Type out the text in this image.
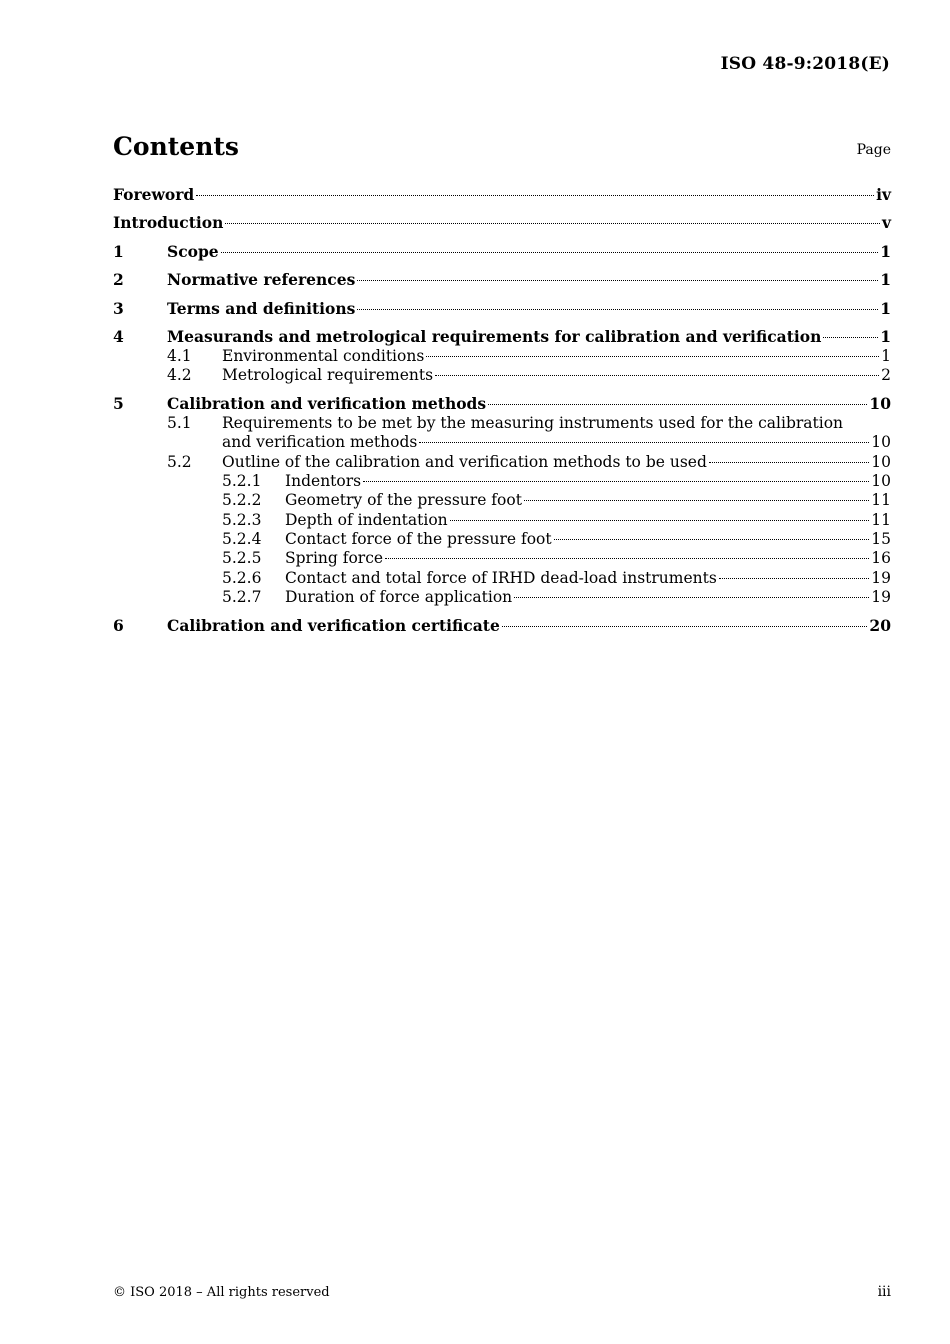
ISO 48-9:2018(E)
Contents	Page
Foreword	iv
Introduction	v
1	Scope	1
2	Normative references	1
3	Terms and definitions	1
4	Measurands and metrological requirements for calibration and verification	1
4.1	Environmental conditions	1
4.2	Metrological requirements	2
5	Calibration and verification methods	10
5.1 Requirements to be met by the measuring instruments used for the calibration
and verification methods	10
5.2	Outline of the calibration and verification methods to be used	10
5.2.1	Indentors	10
5.2.2	Geometry of the pressure foot	11
5.2.3	Depth of indentation	11
5.2.4	Contact force of the pressure foot	15
5.2.5	Spring force	16
5.2.6	Contact and total force of IRHD dead-load instruments	19
5.2.7	Duration of force application	19
6	Calibration and verification certificate	20
© ISO 2018 – All rights reserved	iii
